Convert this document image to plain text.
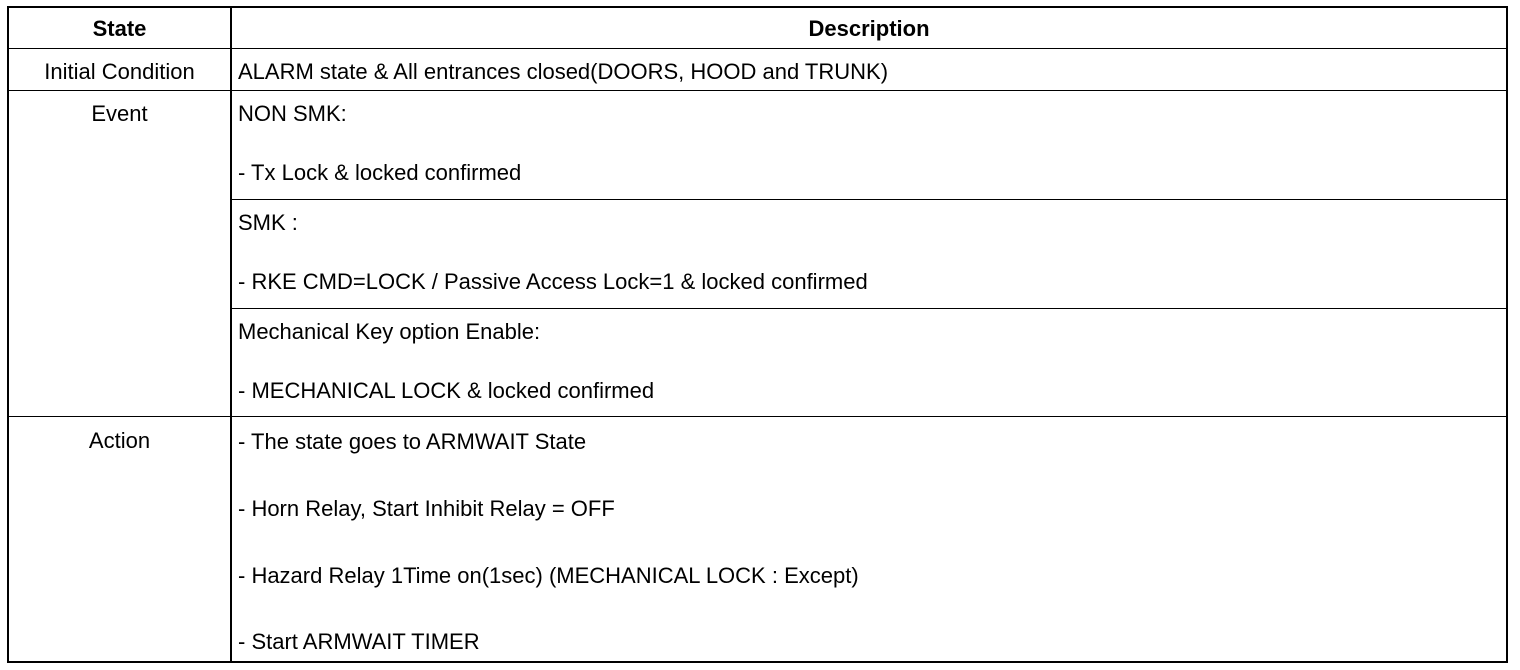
State	Description
Initial Condition	ALARM state & All entrances closed(DOORS, HOOD and TRUNK)
Event	NON SMK:
- Tx Lock & locked confirmed
SMK :
- RKE CMD=LOCK / Passive Access Lock=1 & locked confirmed
Mechanical Key option Enable:
- MECHANICAL LOCK & locked confirmed
Action	- The state goes to ARMWAIT State
- Horn Relay, Start Inhibit Relay = OFF
- Hazard Relay 1Time on(1sec) (MECHANICAL LOCK : Except)
- Start ARMWAIT TIMER
